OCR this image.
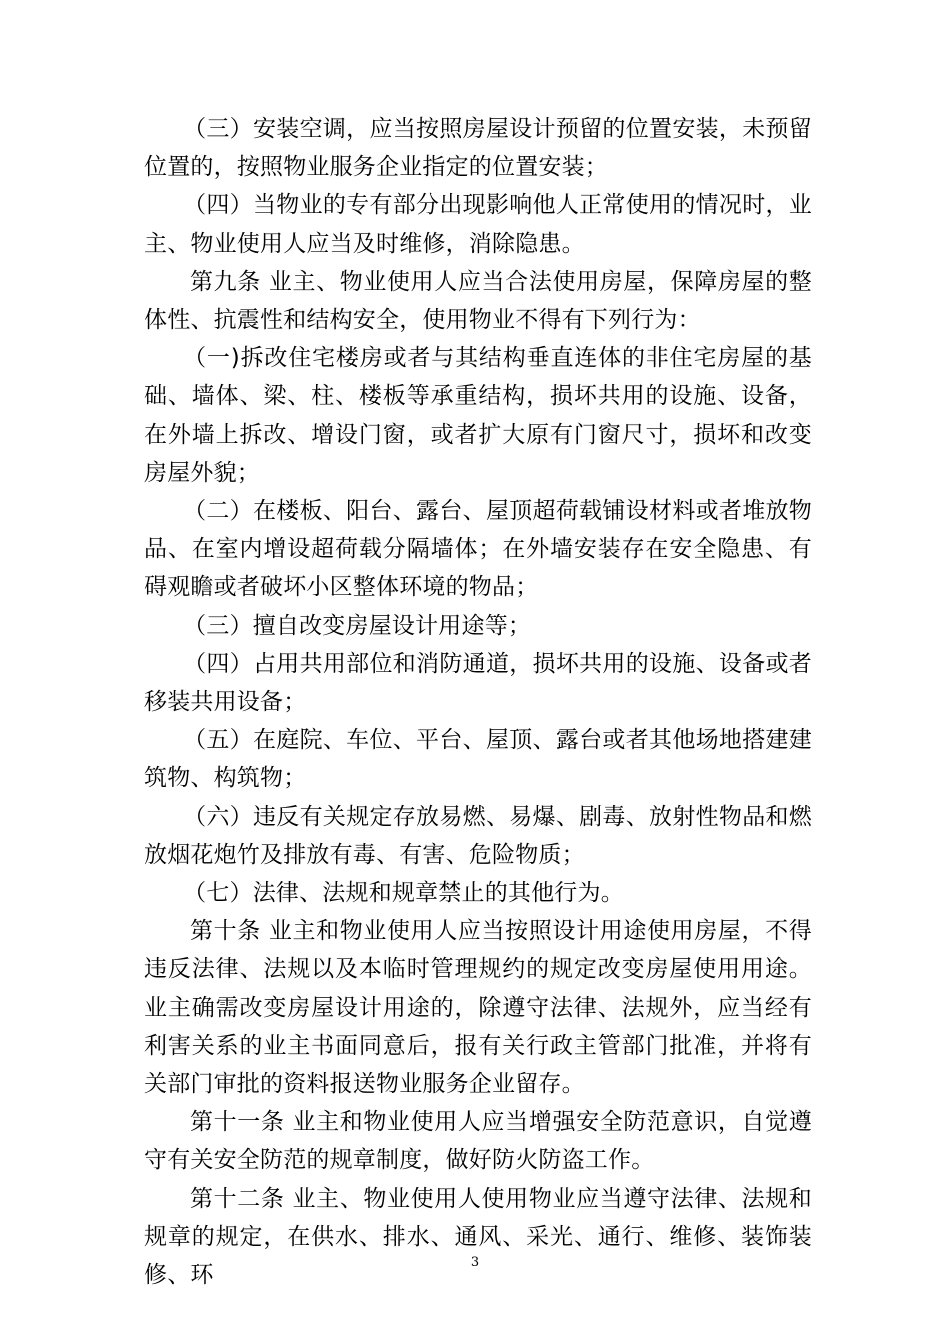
（三）安装空调，应当按照房屋设计预留的位置安装，未预留位置的，按照物业服务企业指定的位置安装；

（四）当物业的专有部分出现影响他人正常使用的情况时，业主、物业使用人应当及时维修，消除隐患。

第九条 业主、物业使用人应当合法使用房屋，保障房屋的整体性、抗震性和结构安全，使用物业不得有下列行为：

（一)拆改住宅楼房或者与其结构垂直连体的非住宅房屋的基础、墙体、梁、柱、楼板等承重结构，损坏共用的设施、设备，在外墙上拆改、增设门窗，或者扩大原有门窗尺寸，损坏和改变房屋外貌；

（二）在楼板、阳台、露台、屋顶超荷载铺设材料或者堆放物品、在室内增设超荷载分隔墙体；在外墙安装存在安全隐患、有碍观瞻或者破坏小区整体环境的物品；

（三）擅自改变房屋设计用途等；

（四）占用共用部位和消防通道，损坏共用的设施、设备或者移装共用设备；

（五）在庭院、车位、平台、屋顶、露台或者其他场地搭建建筑物、构筑物；

（六）违反有关规定存放易燃、易爆、剧毒、放射性物品和燃放烟花炮竹及排放有毒、有害、危险物质；

（七）法律、法规和规章禁止的其他行为。

第十条 业主和物业使用人应当按照设计用途使用房屋，不得违反法律、法规以及本临时管理规约的规定改变房屋使用用途。业主确需改变房屋设计用途的，除遵守法律、法规外，应当经有利害关系的业主书面同意后，报有关行政主管部门批准，并将有关部门审批的资料报送物业服务企业留存。

第十一条 业主和物业使用人应当增强安全防范意识，自觉遵守有关安全防范的规章制度，做好防火防盗工作。

第十二条 业主、物业使用人使用物业应当遵守法律、法规和规章的规定，在供水、排水、通风、采光、通行、维修、装饰装修、环	3
